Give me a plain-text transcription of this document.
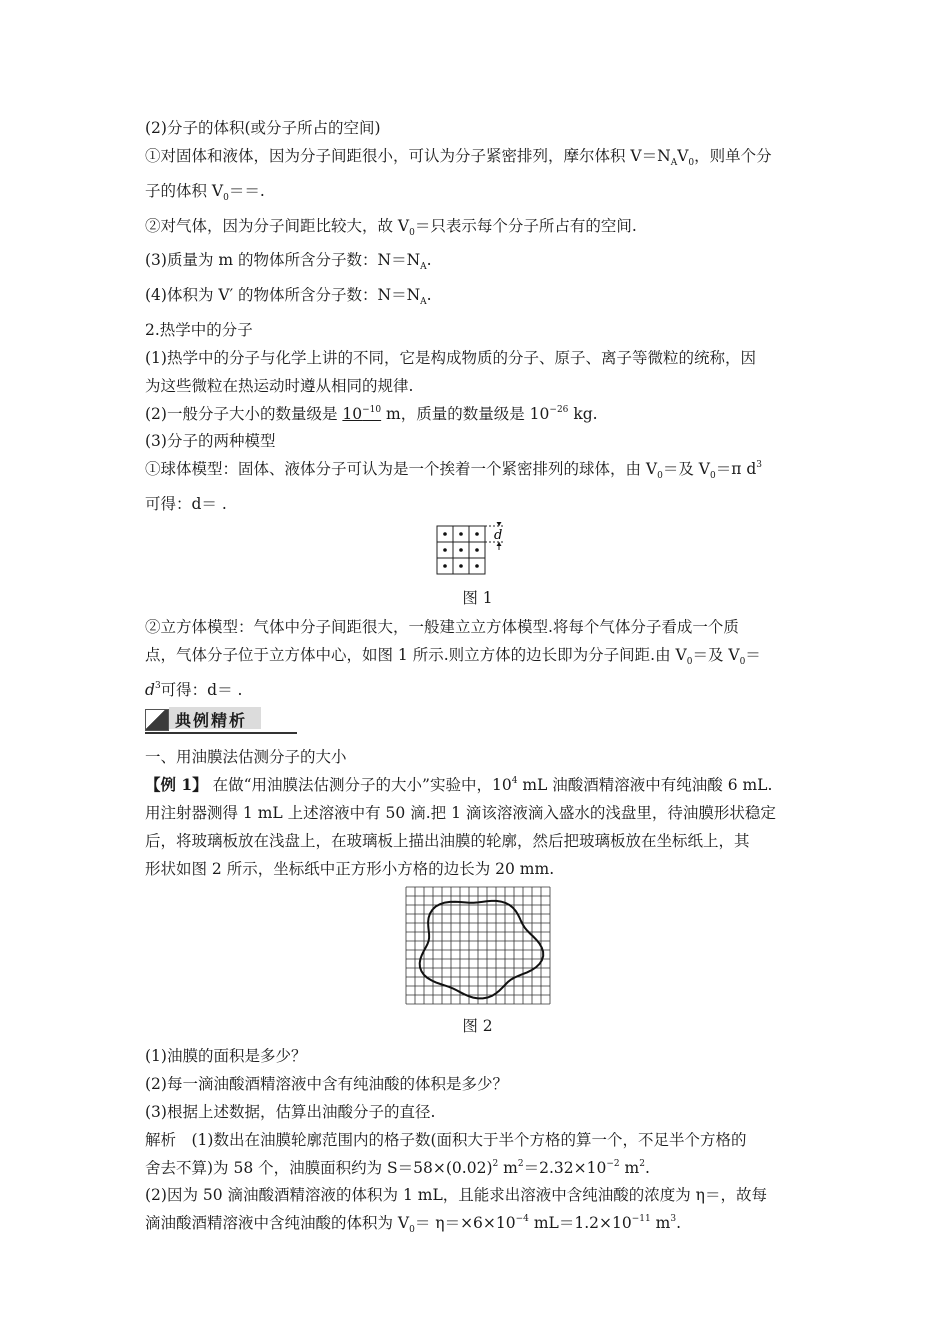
(2)分子的体积(或分子所占的空间)
①对固体和液体，因为分子间距很小，可认为分子紧密排列，摩尔体积 $V=N_AV_0$，则单个分
子的体积 $V_0==$.
②对气体，因为分子间距比较大，故 $V_0=$只表示每个分子所占有的空间.
(3)质量为 m 的物体所含分子数：$N=N_A$.
(4)体积为 V′ 的物体所含分子数：$N=N_A$.
2.热学中的分子
(1)热学中的分子与化学上讲的不同，它是构成物质的分子、原子、离子等微粒的统称，因
为这些微粒在热运动时遵从相同的规律.
(2)一般分子大小的数量级是 $10^{-10}$ m，质量的数量级是 $10^{-26}$ kg.
(3)分子的两种模型
①球体模型：固体、液体分子可认为是一个挨着一个紧密排列的球体，由 $V_0=$及 $V_0=\pi$ $d^3$
可得：d＝ .
d
图 1
②立方体模型：气体中分子间距很大，一般建立立方体模型.将每个气体分子看成一个质
点，气体分子位于立方体中心，如图 1 所示.则立方体的边长即为分子间距.由 $V_0=$及 $V_0=$
$d^3$可得：d＝ .
典例精析
一、用油膜法估测分子的大小
【例 1】 在做“用油膜法估测分子的大小”实验中，$10^4$ mL 油酸酒精溶液中有纯油酸 6 mL.
用注射器测得 1 mL 上述溶液中有 50 滴.把 1 滴该溶液滴入盛水的浅盘里，待油膜形状稳定
后，将玻璃板放在浅盘上，在玻璃板上描出油膜的轮廓，然后把玻璃板放在坐标纸上，其
形状如图 2 所示，坐标纸中正方形小方格的边长为 20 mm.
图 2
(1)油膜的面积是多少？
(2)每一滴油酸酒精溶液中含有纯油酸的体积是多少？
(3)根据上述数据，估算出油酸分子的直径.
解析　(1)数出在油膜轮廓范围内的格子数(面积大于半个方格的算一个，不足半个方格的
舍去不算)为 58 个，油膜面积约为 $S=58\times(0.02)^2$ $m^2=2.32\times 10^{-2}$ $m^2$.
(2)因为 50 滴油酸酒精溶液的体积为 1 mL，且能求出溶液中含纯油酸的浓度为 η＝，故每
滴油酸酒精溶液中含纯油酸的体积为 $V_0= \eta=\times 6\times 10^{-4}$ $mL=1.2\times 10^{-11}$ $m^3$.
